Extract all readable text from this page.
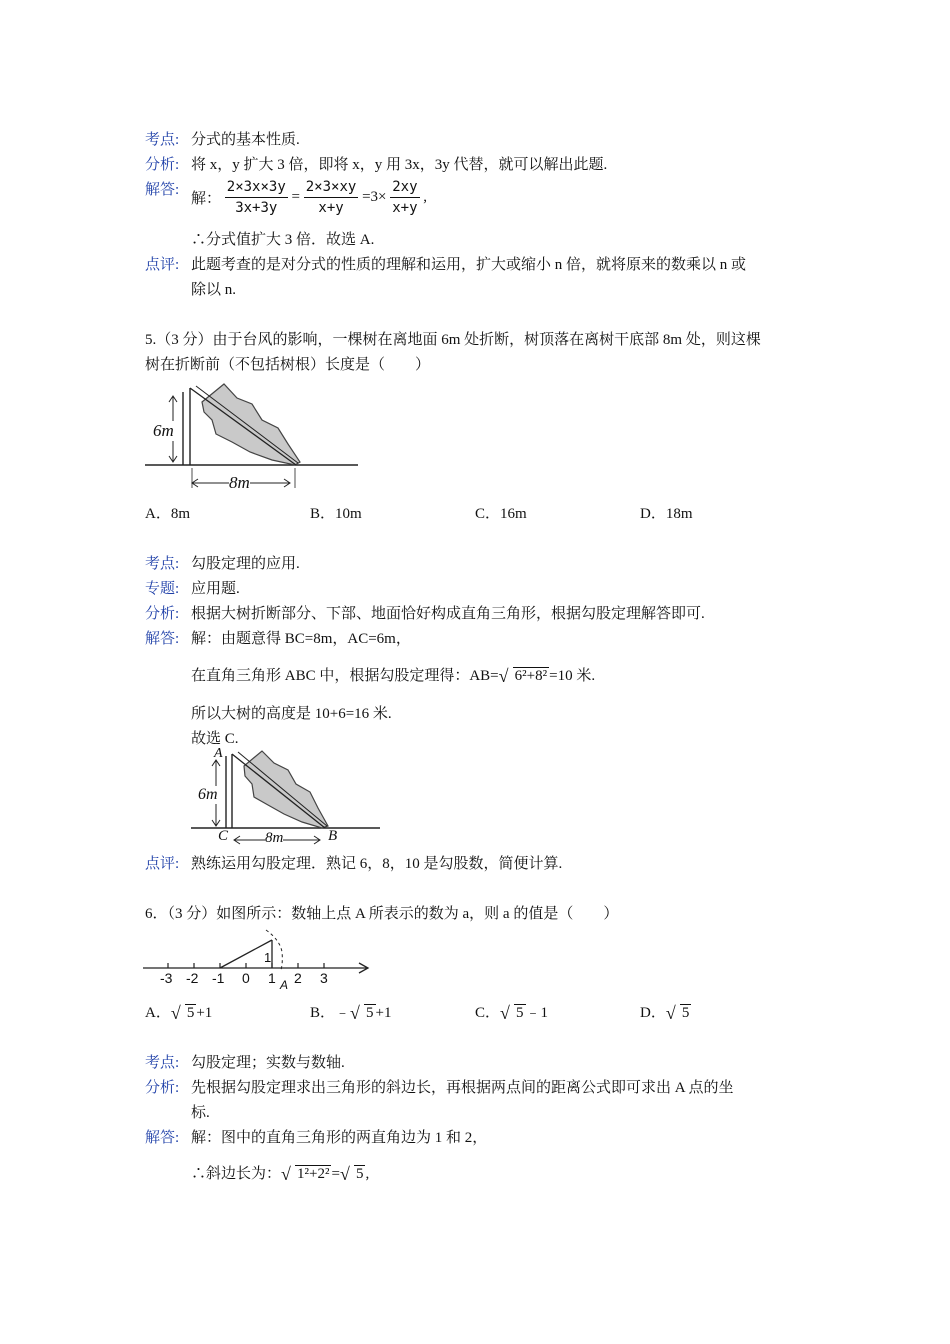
考点: 分式的基本性质.
分析: 将 x，y 扩大 3 倍，即将 x，y 用 3x，3y 代替，就可以解出此题.
解答:
解： $\frac{2\times 3x\times 3y}{3x+3y} = \frac{2\times 3\times xy}{x+y} =3\times \frac{2xy}{x+y}$ ,
∴分式值扩大 3 倍．故选 A.
点评: 此题考查的是对分式的性质的理解和运用，扩大或缩小 n 倍，就将原来的数乘以 n 或
除以 n.
5.（3 分）由于台风的影响，一棵树在离地面 6m 处折断，树顶落在离树干底部 8m 处，则这棵
树在折断前（不包括树根）长度是（　　）
6m
8m
A．8m	B．10m	C．16m	D．18m
考点: 勾股定理的应用.
专题: 应用题.
分析: 根据大树折断部分、下部、地面恰好构成直角三角形，根据勾股定理解答即可.
解答: 解：由题意得 BC=8m，AC=6m，
在直角三角形 ABC 中，根据勾股定理得：AB= √ 6²+8² =10 米.
所以大树的高度是 10+6=16 米.
故选 C.
A
6m
C 8m	B
点评: 熟练运用勾股定理．熟记 6，8，10 是勾股数，简便计算.
6．（3 分）如图所示：数轴上点 A 所表示的数为 a，则 a 的值是（　　）
-3 -2 -1 0 1 2 3
1
A
A． √ 5 +1	B．﹣ √ 5 +1	C． √ 5 ﹣1	D． √ 5
考点: 勾股定理；实数与数轴.
分析: 先根据勾股定理求出三角形的斜边长，再根据两点间的距离公式即可求出 A 点的坐
标.
解答: 解：图中的直角三角形的两直角边为 1 和 2，
∴斜边长为： √ 1²+2² = √ 5 ,
